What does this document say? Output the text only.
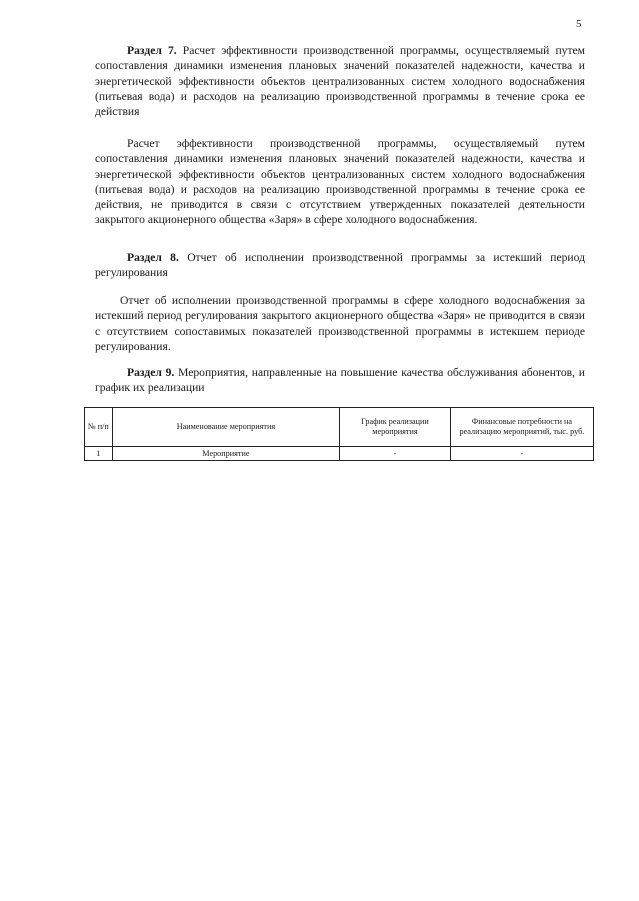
5

Раздел 7. Расчет эффективности производственной программы, осуществляемый путем сопоставления динамики изменения плановых значений показателей надежности, качества и энергетической эффективности объектов централизованных систем холодного водоснабжения (питьевая вода) и расходов на реализацию производственной программы в течение срока ее действия

Расчет эффективности производственной программы, осуществляемый путем сопоставления динамики изменения плановых значений показателей надежности, качества и энергетической эффективности объектов централизованных систем холодного водоснабжения (питьевая вода) и расходов на реализацию производственной программы в течение срока ее действия, не приводится в связи с отсутствием утвержденных показателей деятельности закрытого акционерного общества «Заря» в сфере холодного водоснабжения.

Раздел 8. Отчет об исполнении производственной программы за истекший период регулирования

Отчет об исполнении производственной программы в сфере холодного водоснабжения за истекший период регулирования закрытого акционерного общества «Заря» не приводится в связи с отсутствием сопоставимых показателей производственной программы в истекшем периоде регулирования.

Раздел 9. Мероприятия, направленные на повышение качества обслуживания абонентов, и график их реализации

№ п/п	Наименование мероприятия	График реализации мероприятия	Финансовые потребности на реализацию мероприятий, тыс. руб.
1	Мероприятие	-	-
